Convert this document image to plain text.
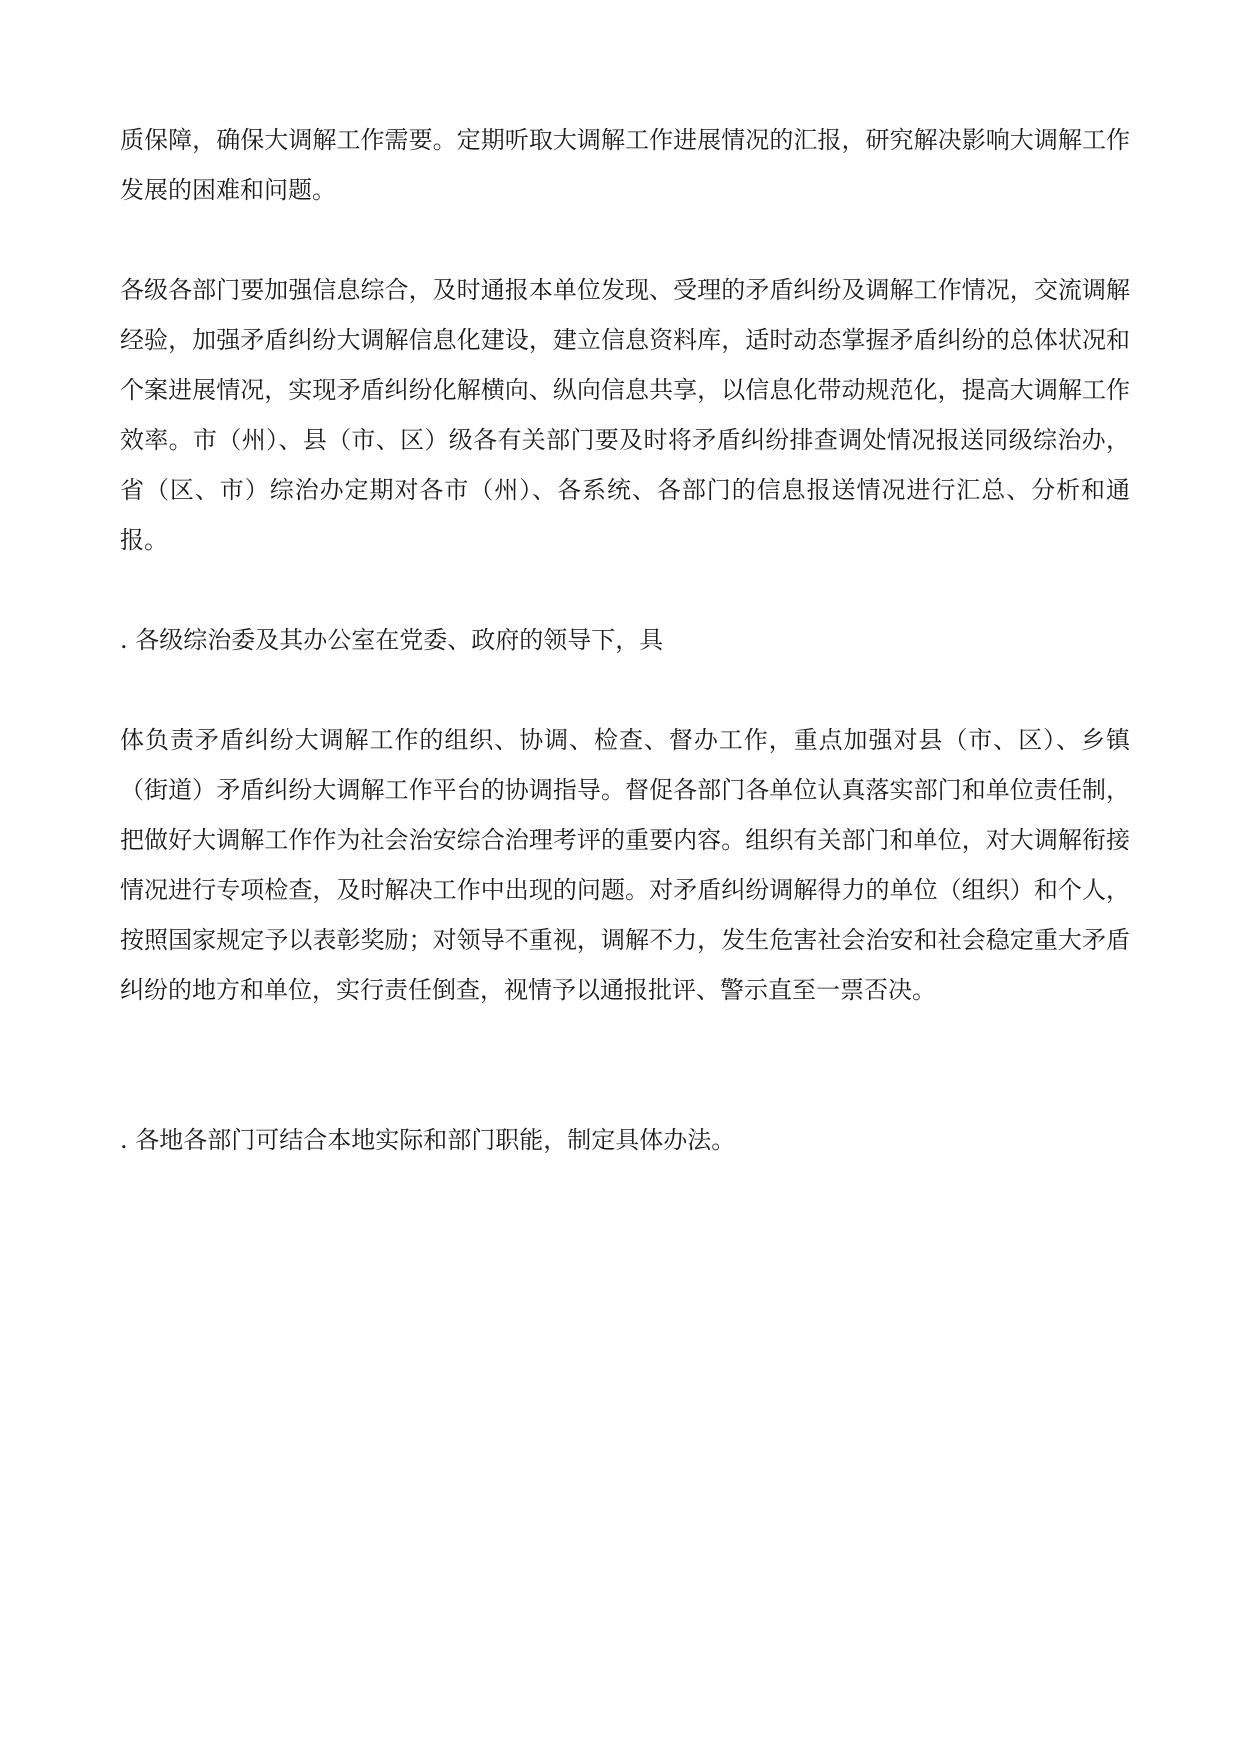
质保障，确保大调解工作需要。定期听取大调解工作进展情况的汇报，研究解决影响大调解工作发展的困难和问题。

各级各部门要加强信息综合，及时通报本单位发现、受理的矛盾纠纷及调解工作情况，交流调解经验，加强矛盾纠纷大调解信息化建设，建立信息资料库，适时动态掌握矛盾纠纷的总体状况和个案进展情况，实现矛盾纠纷化解横向、纵向信息共享，以信息化带动规范化，提高大调解工作效率。市（州）、县（市、区）级各有关部门要及时将矛盾纠纷排查调处情况报送同级综治办，省（区、市）综治办定期对各市（州）、各系统、各部门的信息报送情况进行汇总、分析和通报。

. 各级综治委及其办公室在党委、政府的领导下，具

体负责矛盾纠纷大调解工作的组织、协调、检查、督办工作，重点加强对县（市、区）、乡镇（街道）矛盾纠纷大调解工作平台的协调指导。督促各部门各单位认真落实部门和单位责任制，把做好大调解工作作为社会治安综合治理考评的重要内容。组织有关部门和单位，对大调解衔接情况进行专项检查，及时解决工作中出现的问题。对矛盾纠纷调解得力的单位（组织）和个人，按照国家规定予以表彰奖励；对领导不重视，调解不力，发生危害社会治安和社会稳定重大矛盾纠纷的地方和单位，实行责任倒查，视情予以通报批评、警示直至一票否决。

. 各地各部门可结合本地实际和部门职能，制定具体办法。
